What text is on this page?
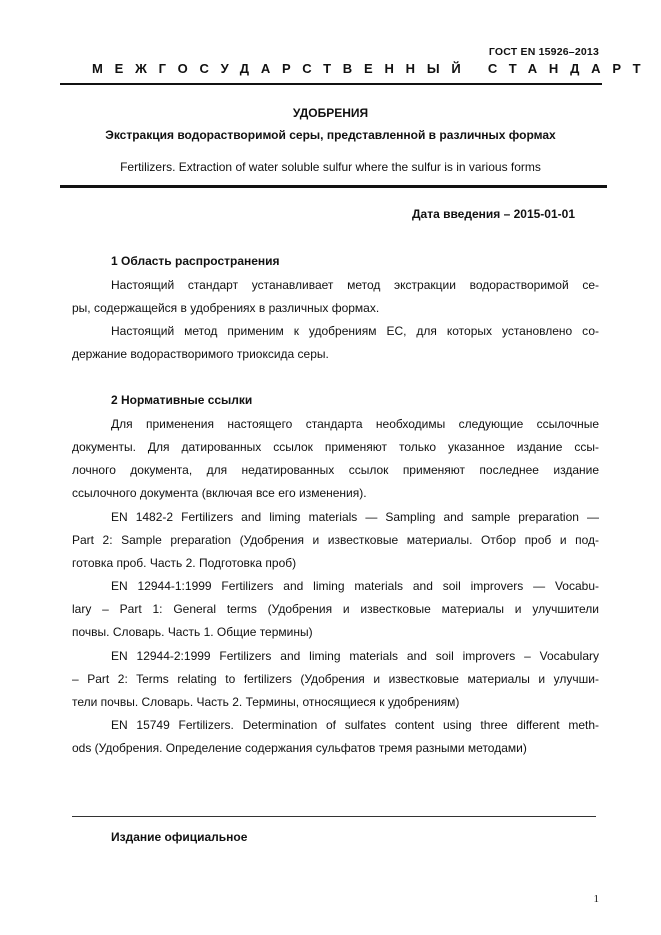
ГОСТ EN 15926–2013
МЕЖГОСУДАРСТВЕННЫЙ СТАНДАРТ
УДОБРЕНИЯ
Экстракция водорастворимой серы, представленной в различных формах
Fertilizers. Extraction of water soluble sulfur where the sulfur is in various forms
Дата введения – 2015-01-01
1 Область распространения
Настоящий стандарт устанавливает метод экстракции водорастворимой се-
ры, содержащейся в удобрениях в различных формах.
Настоящий метод применим к удобрениям ЕС, для которых установлено со-
держание водорастворимого триоксида серы.
2 Нормативные ссылки
Для применения настоящего стандарта необходимы следующие ссылочные
документы. Для датированных ссылок применяют только указанное издание ссы-
лочного документа, для недатированных ссылок применяют последнее издание
ссылочного документа (включая все его изменения).
EN 1482-2 Fertilizers and liming materials — Sampling and sample preparation —
Part 2: Sample preparation (Удобрения и известковые материалы. Отбор проб и под-
готовка проб. Часть 2. Подготовка проб)
EN 12944-1:1999 Fertilizers and liming materials and soil improvers — Vocabu-
lary – Part 1: General terms (Удобрения и известковые материалы и улучшители
почвы. Словарь. Часть 1. Общие термины)
EN 12944-2:1999 Fertilizers and liming materials and soil improvers – Vocabulary
– Part 2: Terms relating to fertilizers (Удобрения и известковые материалы и улучши-
тели почвы. Словарь. Часть 2. Термины, относящиеся к удобрениям)
EN 15749 Fertilizers. Determination of sulfates content using three different meth-
ods (Удобрения. Определение содержания сульфатов тремя разными методами)
Издание официальное
1
